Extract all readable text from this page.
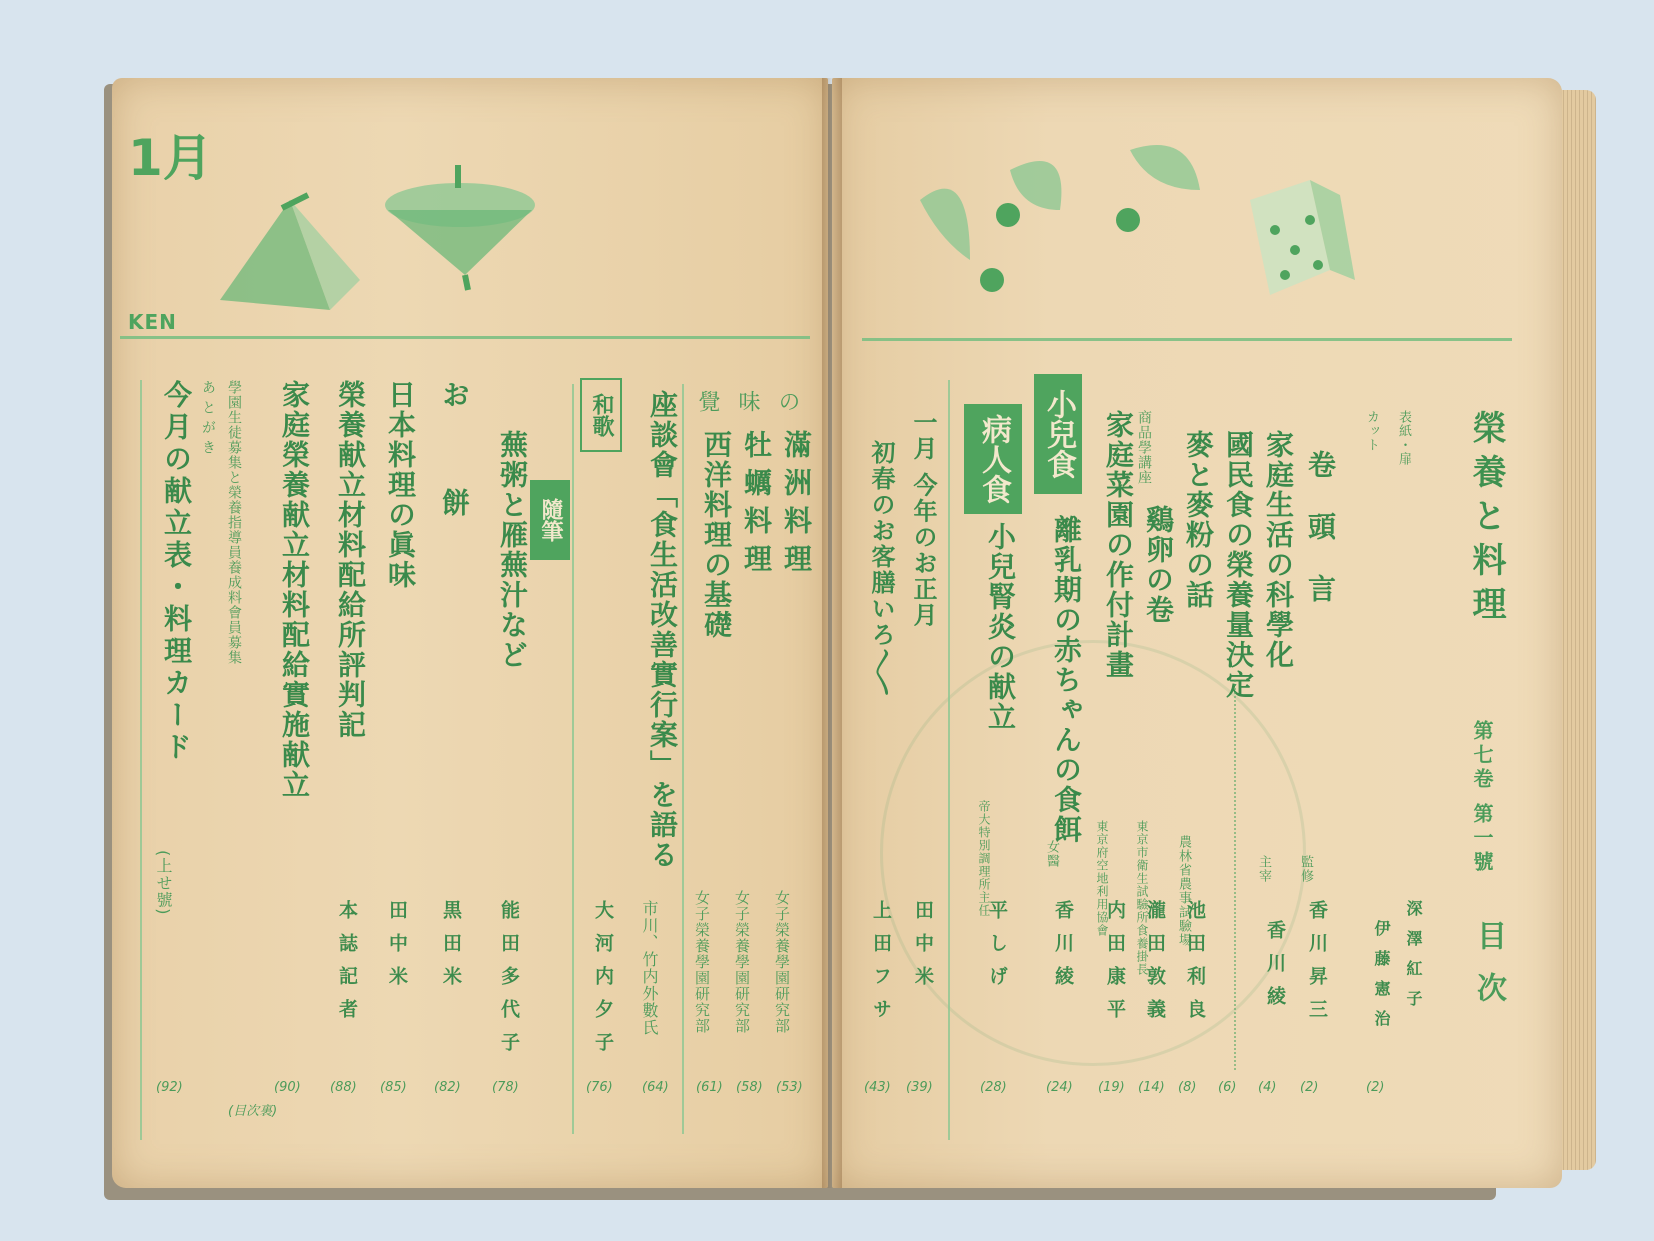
1月
KEN
榮養と料理
第七卷 第一號
目次
表紙・扉
深澤紅子
カット
伊藤憲治
(2)
卷頭言
監修
香川昇三
(2)
家庭生活の科學化
主宰
香川綾
(4)
國民食の榮養量決定
(6)
麥と麥粉の話
農林省農事試驗場
池田利良
(8)
商品學講座
鷄卵の卷
東京市衛生試驗所食養掛長
瀧田敦義
(14)
家庭菜園の作付計畫
東京府空地利用協會
内田康平
(19)
小兒食
離乳期の赤ちゃんの食餌
女醫
香川綾
(24)
病人食
小兒腎炎の献立
帝大特別調理所主任
平しげ
(28)
一月 今年のお正月
田中米
(39)
初春のお客膳いろ〳〵
上田フサ
(43)
の
滿洲料理
女子榮養學園研究部
(53)
味
牡蠣料理
女子榮養學園研究部
(58)
覺
西洋料理の基礎
女子榮養學園研究部
(61)
座談會「食生活改善實行案」を語る
市川、竹内外數氏
(64)
和歌
大河内夕子
(76)
隨筆
蕪粥と雁蕪汁など
能田多代子
(78)
お餅
黒田米
(82)
日本料理の眞味
田中米
(85)
榮養献立材料配給所評判記
本誌記者
(88)
家庭榮養献立材料配給實施献立
(90)
學園生徒募集と榮養指導員養成料會員募集
(目次裏)
あとがき
今月の献立表・料理カード
(上せ號)
(92)
